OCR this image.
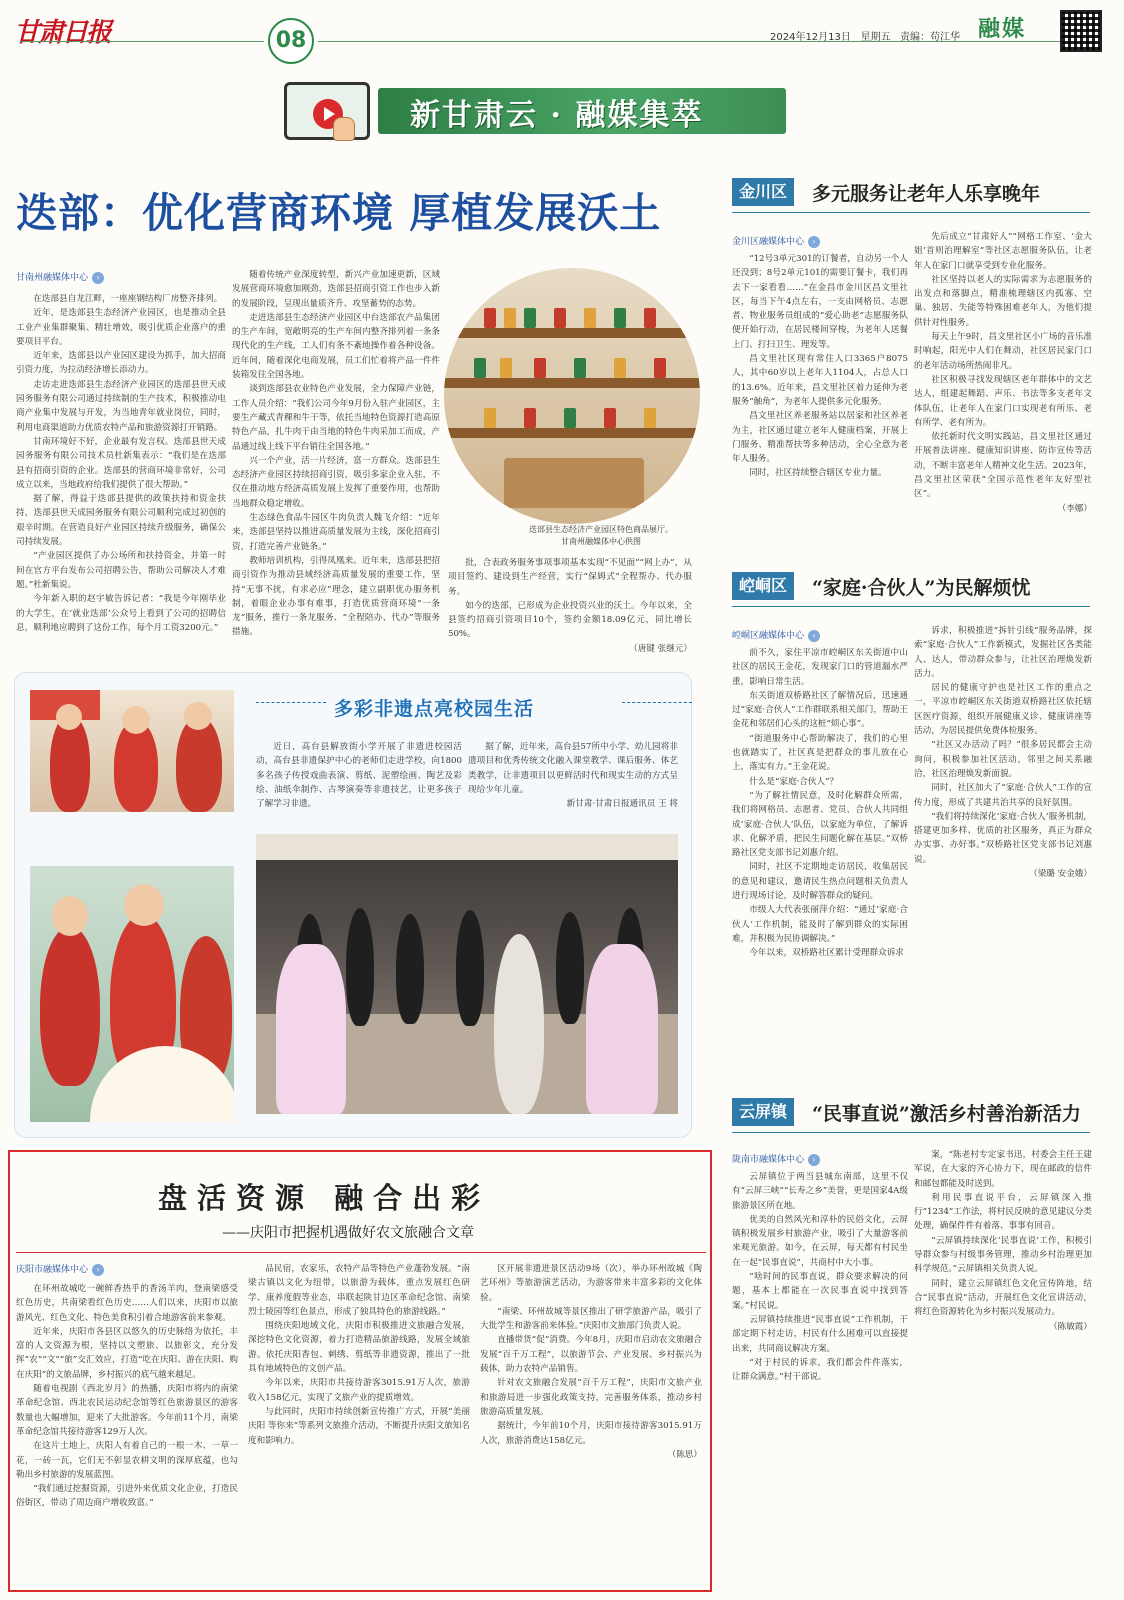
甘肃日报	08	2024年12月13日 星期五 责编：苟江华 融媒
新甘肃云 · 融媒集萃
迭部：优化营商环境 厚植发展沃土
甘南州融媒体中心 ›

在迭部县自龙江畔，一座座钢结构厂房整齐排列。

近年，是迭部县生态经济产业园区，也是推动全县工业产业集群聚集、精壮增效，吸引优质企业落户的重要项目平台。

近年来，迭部县以产业园区建设为抓手，加大招商引资力度，为拉动经济增长添动力。

走访走进迭部县生态经济产业园区的迭部县世天成园务服务有限公司通过持续制的生产技术，积极推动电商产业集中发展与开发，为当地青年就业岗位，同时，利用电商渠道助力优质农特产品和旅游资源打开销路。

甘南环境好不好，企业最有发言权。迭部县世天成园务服务有限公司技术员杜新集表示：“我们是在迭部县有招商引资的企业。迭部县的营商环境非常好，公司成立以来，当地政府给我们提供了很大帮助。”

据了解，得益于迭部县提供的政策扶持和资金扶持，迭部县世天成园务服务有限公司顺利完成过初创的艰辛时期。在营造良好产业园区持续升级服务，确保公司持续发展。

“产业园区提供了办公场所和扶持资金，并第一时间在官方平台发布公司招聘公告，帮助公司解决人才难题。”杜新集说。

今年新入职的赵宇敏告诉记者：“我是今年刚毕业的大学生，在‘就业迭部’公众号上看到了公司的招聘信息，顺利地应聘到了这份工作，每个月工资3200元。”

随着传统产业深度转型，新兴产业加速更新，区域发展营商环境愈加刚劲，迭部县招商引资工作也步入新的发展阶段，呈现出量质齐升、攻坚蓄势的态势。

走进迭部县生态经济产业园区中台迭部农产品集团的生产车间，宽敞明亮的生产车间内整齐排列着一条条现代化的生产线，工人们有条不紊地操作着各种设备。近年间，随着深化电商发展，员工们忙着将产品一件件装箱发往全国各地。

谈到迭部县农业特色产业发展，全力保障产业链，工作人员介绍：“我们公司今年9月份入驻产业园区，主要生产藏式青稞和牛干等，依托当地特色资源打造高原特色产品，扎牛肉干由当地的特色牛肉采加工而成，产品通过线上线下平台销往全国各地。”

兴一个产业，活一片经济，富一方群众。迭部县生态经济产业园区持续招商引资，吸引多家企业入驻，不仅在推动地方经济高质发展上发挥了重要作用，也帮助当地群众稳定增收。

生态绿色食品牛园区牛肉负责人魏飞介绍：“近年来，迭部县坚持以推进高质量发展为主线，深化招商引资，打造完善产业链条。”

教师培训机构，引得凤凰来。近年来，迭部县把招商引资作为推动县域经济高质量发展的重要工作，坚持“无事不扰，有求必应”理念，建立副职优办服务机制，着眼企业办事有难事，打造优质营商环境“一条龙”服务，推行一条龙服务、“全程陪办、代办”等服务措施。

迭部县生态经济产业园区特色商品展厅。
甘南州融媒体中心供图

批，合表政务服务事项事项基本实现“不见面”“网上办”，从项目签约、建设到生产经营，实行“保姆式”全程帮办、代办服务。

如今的迭部，已形成为企业投资兴业的沃土。今年以来，全县签约招商引资项目10个，签约金额18.09亿元，同比增长50%。

（唐键 张继元）

金川区	多元服务让老年人乐享晚年
金川区融媒体中心 ›

“12号3单元301的订餐者，自动另一个人还没到；8号2单元101的需要订餐卡，我们再去下一家看看……”在金昌市金川区昌文里社区，每当下午4点左右，一支由网格员、志愿者、物业服务员组成的“爱心助老”志愿服务队便开始行动，在居民楼间穿梭，为老年人送餐上门、打扫卫生、理发等。

昌文里社区现有常住人口3365户8075人，其中60岁以上老年人1104人，占总人口的13.6%。近年来，昌文里社区着力延伸为老服务“触角”，为老年人提供多元化服务。

昌文里社区养老服务站以居家和社区养老为主，社区通过建立老年人健康档案，开展上门服务、精准帮扶等多种活动，全心全意为老年人服务。

同时，社区持续整合辖区专业力量。

先后成立“甘肃好人”“网格工作室、‘金大姐’首则治理解室”等社区志愿服务队伍，让老年人在家门口就享受到专业化服务。

社区坚持以老人的实际需求为志愿服务的出发点和落脚点，精准梳理辖区内孤寡、空巢、独居、失能等特殊困难老年人，为他们提供针对性服务。

每天上午9时，昌文里社区小广场的音乐准时响起，阳光中人们在舞动，社区居民家门口的老年活动场所热闹非凡。

社区积极寻找发现辖区老年群体中的文艺达人，组建起舞蹈、声乐、书法等多支老年文体队伍，让老年人在家门口实现老有所乐、老有所学、老有所为。

依托新时代文明实践站，昌文里社区通过开展普法讲座、健康知识讲座、防诈宣传等活动，不断丰富老年人精神文化生活。2023年，昌文里社区荣获“全国示范性老年友好型社区”。

（李娜）

崆峒区	“家庭·合伙人”为民解烦忧
崆峒区融媒体中心 ›

前不久，家住平凉市崆峒区东关街道中山社区的居民王金花，发现家门口的管道漏水严重，影响日常生活。

东关街道双桥路社区了解情况后，迅速通过“家庭·合伙人”工作群联系相关部门，帮助王金花和邻居们心头的这桩“烦心事”。

“街道服务中心帮助解决了，我们的心里也就踏实了，社区真是把群众的事儿放在心上，落实有力。”王金花说。

什么是“家庭·合伙人”？

“为了解社情民意，及时化解群众所需，我们将网格员、志愿者、党员、合伙人共同组成‘家庭·合伙人’队伍，以家庭为单位，了解诉求、化解矛盾，把民生问题化解在基层。”双桥路社区党支部书记刘惠介绍。

同时，社区不定期地走访居民，收集居民的意见和建议，邀请民生热点问题相关负责人进行现场讨论，及时解答群众的疑问。

市级人大代表张丽萍介绍：“通过‘家庭·合伙人’工作机制，能及时了解到群众的实际困难，并积极为民协调解决。”

今年以来，双桥路社区累计受理群众诉求

诉求，积极推进“拆针引线”服务品牌，探索“家庭·合伙人”工作新模式，发掘社区各类能人、达人，带动群众参与，让社区治理焕发新活力。

居民的健康守护也是社区工作的重点之一，平凉市崆峒区东关街道双桥路社区依托辖区医疗资源，组织开展健康义诊、健康讲座等活动，为居民提供免费体检服务。

“社区又办活动了吗？”很多居民都会主动询问，积极参加社区活动，邻里之间关系融洽，社区治理焕发新面貌。

同时，社区加大了“家庭·合伙人”工作的宣传力度，形成了共建共治共享的良好氛围。

“我们将持续深化‘家庭·合伙人’服务机制，搭建更加多样、优质的社区服务，真正为群众办实事、办好事。”双桥路社区党支部书记刘惠说。

（梁璐 安金娥）

云屏镇	“民事直说”激活乡村善治新活力
陇南市融媒体中心 ›

云屏镇位于两当县城东南部，这里不仅有“云屏三峡”“长寿之乡”美誉，更是国家4A级旅游景区所在地。

优美的自然风光和淳朴的民俗文化，云屏镇积极发展乡村旅游产业，吸引了大量游客前来观光旅游。如今，在云屏，每天都有村民坐在一起“民事直说”，共商村中大小事。

“啥时间的民事直说，群众要求解决的问题，基本上都能在一次民事直说中找到答案。”村民说。

云屏镇持续推进“民事直说”工作机制，干部定期下村走访，村民有什么困难可以直接提出来，共同商议解决方案。

“对于村民的诉求，我们都会件件落实，让群众满意。”村干部说。

案，“陈老村专定家书迅，村委会主任王建军说，在大家的齐心协力下，现在邮政的信件和邮包都能及时送到。

利用民事直说平台，云屏镇深入推行“1234”工作法，将村民反映的意见建议分类处理，确保件件有着落、事事有回音。

“云屏镇持续深化‘民事直说’工作，积极引导群众参与村级事务管理，推动乡村治理更加科学规范。”云屏镇相关负责人说。

同时，建立云屏镇红色文化宣传阵地，结合“民事直说”活动，开展红色文化宣讲活动，将红色资源转化为乡村振兴发展动力。

（陈敏霞）

多彩非遗点亮校园生活

近日，高台县解放街小学开展了非遗进校园活动，高台县非遗保护中心的老师们走进学校，向1800多名孩子传授戏曲表演、剪纸、泥塑绘画、陶艺及彩绘、油纸伞制作、古琴演奏等非遗技艺，让更多孩子了解学习非遗。

据了解，近年来，高台县57所中小学、幼儿园将非遗项目和优秀传统文化融入课堂教学、课后服务、体艺类教学，让非遗项目以更鲜活时代和现实生动的方式呈现给少年儿童。

新甘肃·甘肃日报通讯员 王 将

盘活资源 融合出彩
——庆阳市把握机遇做好农文旅融合文章
庆阳市融媒体中心 ›

在环州故城吃一碗鲜香热乎的香汤羊肉，登南梁感受红色历史，共南梁看红色历史……人们以来，庆阳市以旅游风光、红色文化、特色美食积引着合地游客前来参观。

近年来，庆阳市各县区以悠久的历史脉络为依托，丰富的人文资源为根，坚持以文塑旅、以旅彰文，充分发挥“农”“文”“旅”交汇效应，打造“吃在庆阳、游在庆阳、购在庆阳”的文旅品牌，乡村振兴的底气越来越足。

随着电视剧《西北岁月》的热播，庆阳市将内的南梁革命纪念馆、西北农民运动纪念馆等红色旅游景区的游客数量也大幅增加，迎来了大批游客。今年前11个月，南梁革命纪念馆共接待游客129万人次。

在这片土地上，庆阳人有着自己的一根一木、一草一花，一砖一瓦，它们无不彰显农耕文明的深厚底蕴，也勾勒出乡村旅游的发展蓝图。

“我们通过挖掘资源，引进外来优质文化企业，打造民俗街区，带动了周边商户增收致富。”

品民宿，农家乐，农特产品等特色产业蓬勃发展。“南梁古镇以文化为纽带，以旅游为载体，重点发展红色研学、康养度假等业态，串联起陕甘边区革命纪念馆、南梁烈士陵园等红色景点，形成了独具特色的旅游线路。”

围绕庆阳地域文化，庆阳市积极推进文旅融合发展，深挖特色文化资源，着力打造精品旅游线路，发展全域旅游。依托庆阳香包、刺绣、剪纸等非遗资源，推出了一批具有地域特色的文创产品。

今年以来，庆阳市共接待游客3015.91万人次，旅游收入158亿元，实现了文旅产业的提质增效。

与此同时，庆阳市持续创新宣传推广方式，开展“美丽庆阳 等你来”等系列文旅推介活动，不断提升庆阳文旅知名度和影响力。

区开展非遗进景区活动9场（次），举办环州故城《陶艺环州》等旅游演艺活动，为游客带来丰富多彩的文化体验。

“南梁、环州故城等景区推出了研学旅游产品，吸引了大批学生和游客前来体验。”庆阳市文旅部门负责人说。

直播带货“促”消费。今年8月，庆阳市启动农文旅融合发展“百千万工程”，以旅游节会、产业发展、乡村振兴为载体，助力农特产品销售。

针对农文旅融合发展“百千万工程”，庆阳市文旅产业和旅游局进一步强化政策支持，完善服务体系，推动乡村旅游高质量发展。

据统计，今年前10个月，庆阳市接待游客3015.91万人次，旅游消费达158亿元。

（陈思）
